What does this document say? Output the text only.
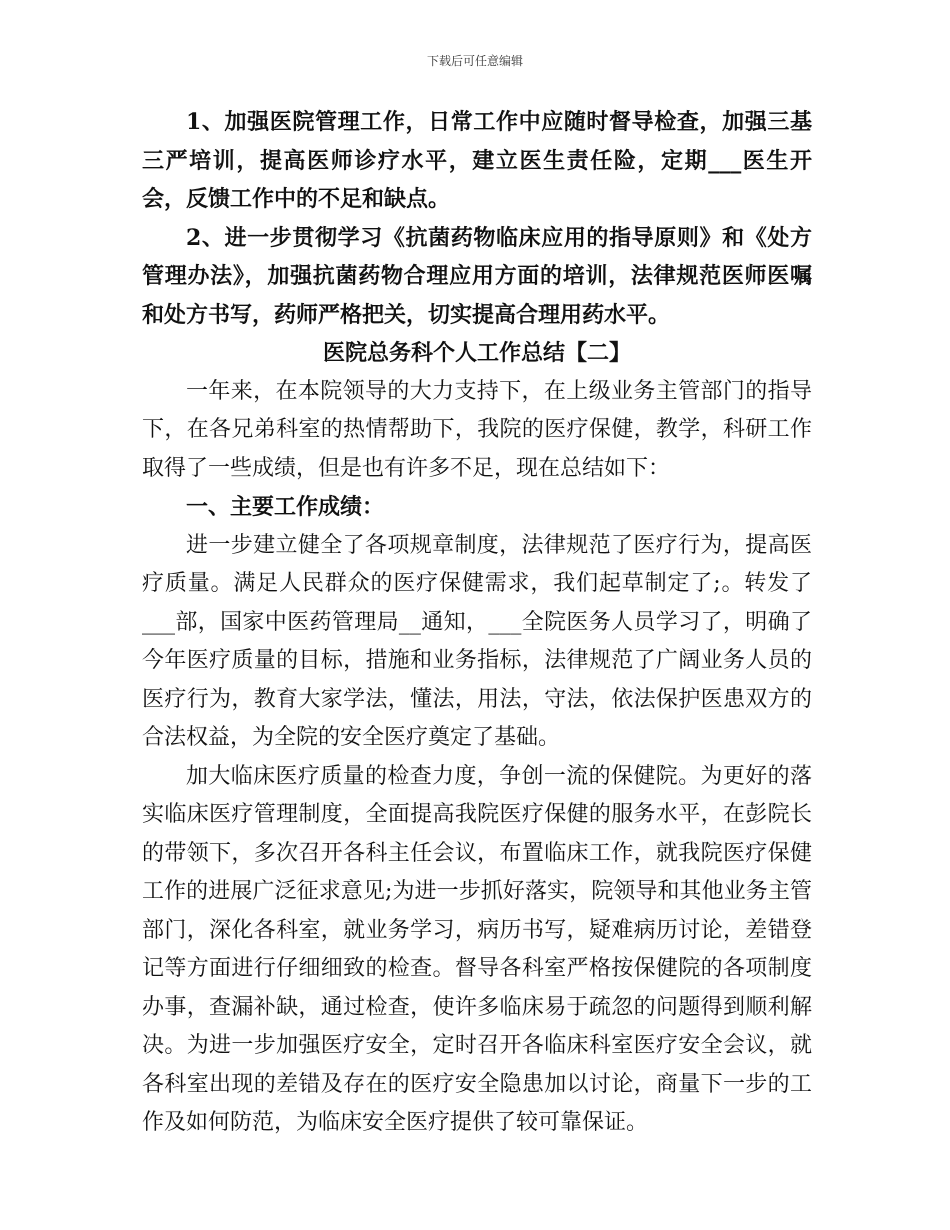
下载后可任意编辑

1、加强医院管理工作，日常工作中应随时督导检查，加强三基三严培训，提高医师诊疗水平，建立医生责任险，定期___医生开会，反馈工作中的不足和缺点。

2、进一步贯彻学习《抗菌药物临床应用的指导原则》和《处方管理办法》，加强抗菌药物合理应用方面的培训，法律规范医师医嘱和处方书写，药师严格把关，切实提高合理用药水平。

医院总务科个人工作总结【二】

一年来，在本院领导的大力支持下，在上级业务主管部门的指导下，在各兄弟科室的热情帮助下，我院的医疗保健，教学，科研工作取得了一些成绩，但是也有许多不足，现在总结如下：

一、主要工作成绩：

进一步建立健全了各项规章制度，法律规范了医疗行为，提高医疗质量。满足人民群众的医疗保健需求，我们起草制定了;。转发了___部，国家中医药管理局__通知，___全院医务人员学习了，明确了今年医疗质量的目标，措施和业务指标，法律规范了广阔业务人员的医疗行为，教育大家学法，懂法，用法，守法，依法保护医患双方的合法权益，为全院的安全医疗奠定了基础。

加大临床医疗质量的检查力度，争创一流的保健院。为更好的落实临床医疗管理制度，全面提高我院医疗保健的服务水平，在彭院长的带领下，多次召开各科主任会议，布置临床工作，就我院医疗保健工作的进展广泛征求意见;为进一步抓好落实，院领导和其他业务主管部门，深化各科室，就业务学习，病历书写，疑难病历讨论，差错登记等方面进行仔细细致的检查。督导各科室严格按保健院的各项制度办事，查漏补缺，通过检查，使许多临床易于疏忽的问题得到顺利解决。为进一步加强医疗安全，定时召开各临床科室医疗安全会议，就各科室出现的差错及存在的医疗安全隐患加以讨论，商量下一步的工作及如何防范，为临床安全医疗提供了较可靠保证。
